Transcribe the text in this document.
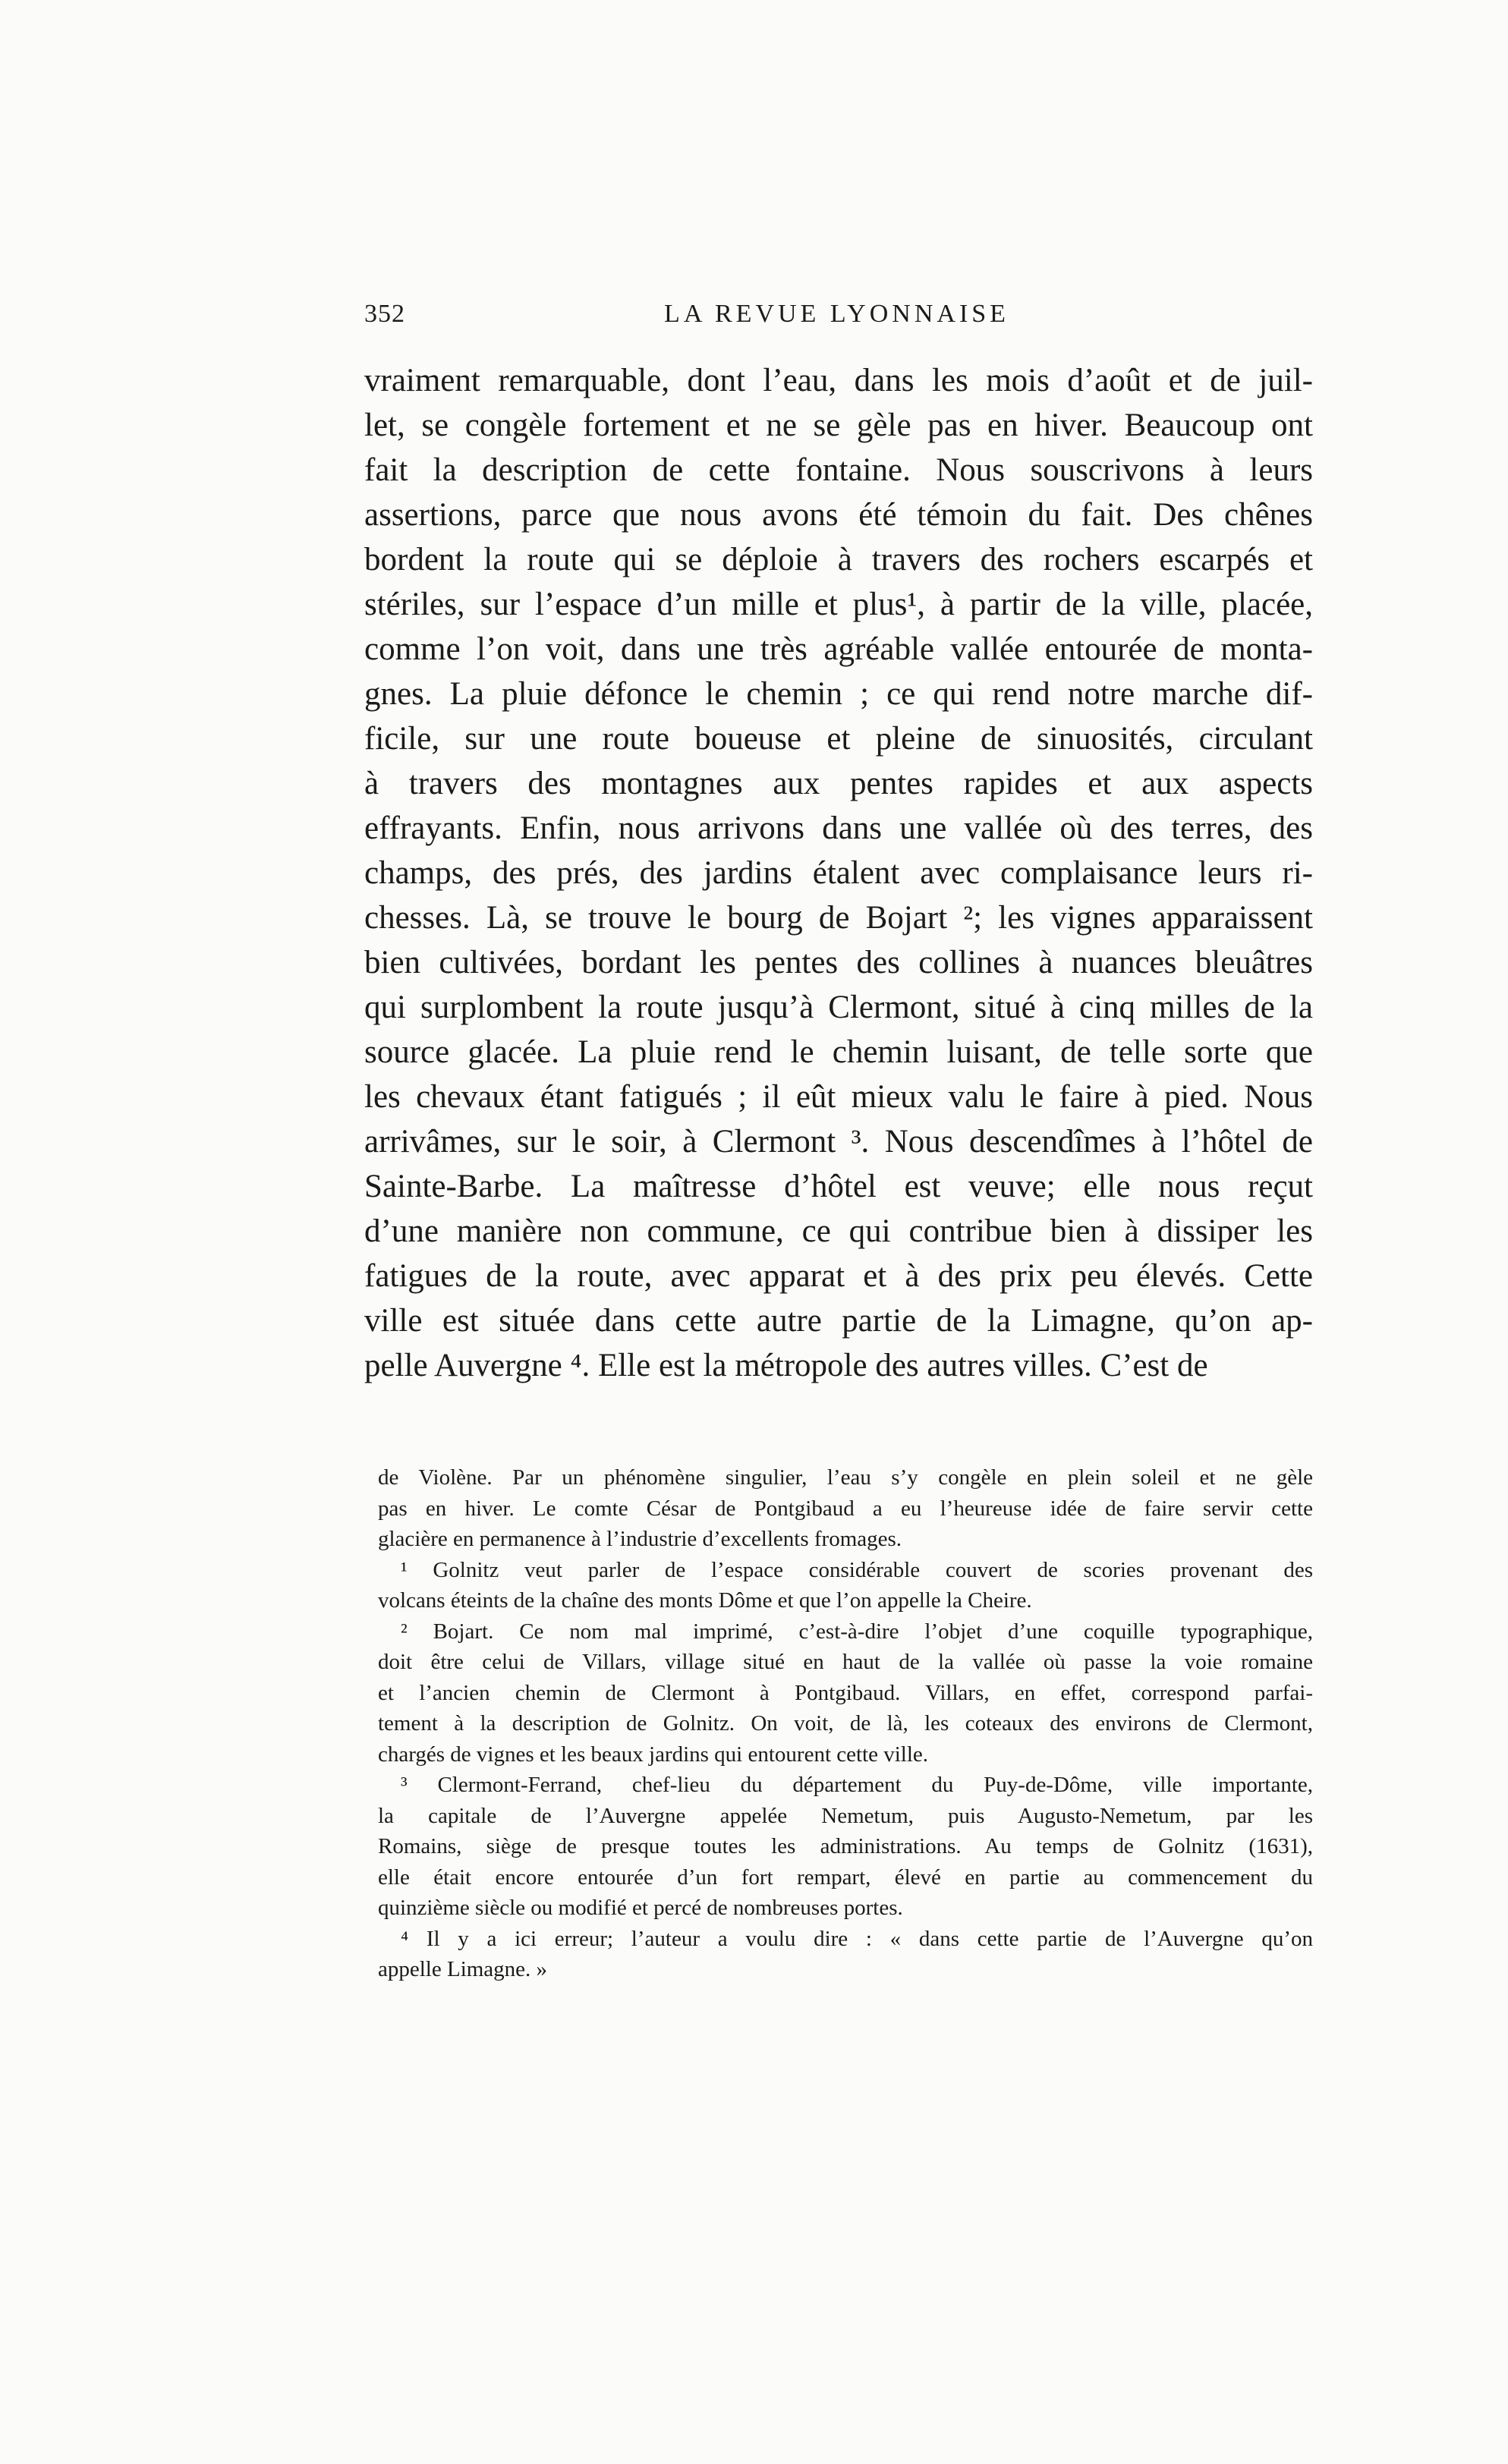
352	LA REVUE LYONNAISE
vraiment remarquable, dont l’eau, dans les mois d’août et de juil-
let, se congèle fortement et ne se gèle pas en hiver. Beaucoup ont
fait la description de cette fontaine. Nous souscrivons à leurs
assertions, parce que nous avons été témoin du fait. Des chênes
bordent la route qui se déploie à travers des rochers escarpés et
stériles, sur l’espace d’un mille et plus¹, à partir de la ville, placée,
comme l’on voit, dans une très agréable vallée entourée de monta-
gnes. La pluie défonce le chemin ; ce qui rend notre marche dif-
ficile, sur une route boueuse et pleine de sinuosités, circulant
à travers des montagnes aux pentes rapides et aux aspects
effrayants. Enfin, nous arrivons dans une vallée où des terres, des
champs, des prés, des jardins étalent avec complaisance leurs ri-
chesses. Là, se trouve le bourg de Bojart ²; les vignes apparaissent
bien cultivées, bordant les pentes des collines à nuances bleuâtres
qui surplombent la route jusqu’à Clermont, situé à cinq milles de la
source glacée. La pluie rend le chemin luisant, de telle sorte que
les chevaux étant fatigués ; il eût mieux valu le faire à pied. Nous
arrivâmes, sur le soir, à Clermont ³. Nous descendîmes à l’hôtel de
Sainte-Barbe. La maîtresse d’hôtel est veuve; elle nous reçut
d’une manière non commune, ce qui contribue bien à dissiper les
fatigues de la route, avec apparat et à des prix peu élevés. Cette
ville est située dans cette autre partie de la Limagne, qu’on ap-
pelle Auvergne ⁴. Elle est la métropole des autres villes. C’est de
de Violène. Par un phénomène singulier, l’eau s’y congèle en plein soleil et ne gèle
pas en hiver. Le comte César de Pontgibaud a eu l’heureuse idée de faire servir cette
glacière en permanence à l’industrie d’excellents fromages.
¹ Golnitz veut parler de l’espace considérable couvert de scories provenant des
volcans éteints de la chaîne des monts Dôme et que l’on appelle la Cheire.
² Bojart. Ce nom mal imprimé, c’est-à-dire l’objet d’une coquille typographique,
doit être celui de Villars, village situé en haut de la vallée où passe la voie romaine
et l’ancien chemin de Clermont à Pontgibaud. Villars, en effet, correspond parfai-
tement à la description de Golnitz. On voit, de là, les coteaux des environs de Clermont,
chargés de vignes et les beaux jardins qui entourent cette ville.
³ Clermont-Ferrand, chef-lieu du département du Puy-de-Dôme, ville importante,
la capitale de l’Auvergne appelée Nemetum, puis Augusto-Nemetum, par les
Romains, siège de presque toutes les administrations. Au temps de Golnitz (1631),
elle était encore entourée d’un fort rempart, élevé en partie au commencement du
quinzième siècle ou modifié et percé de nombreuses portes.
⁴ Il y a ici erreur; l’auteur a voulu dire : « dans cette partie de l’Auvergne qu’on
appelle Limagne. »
